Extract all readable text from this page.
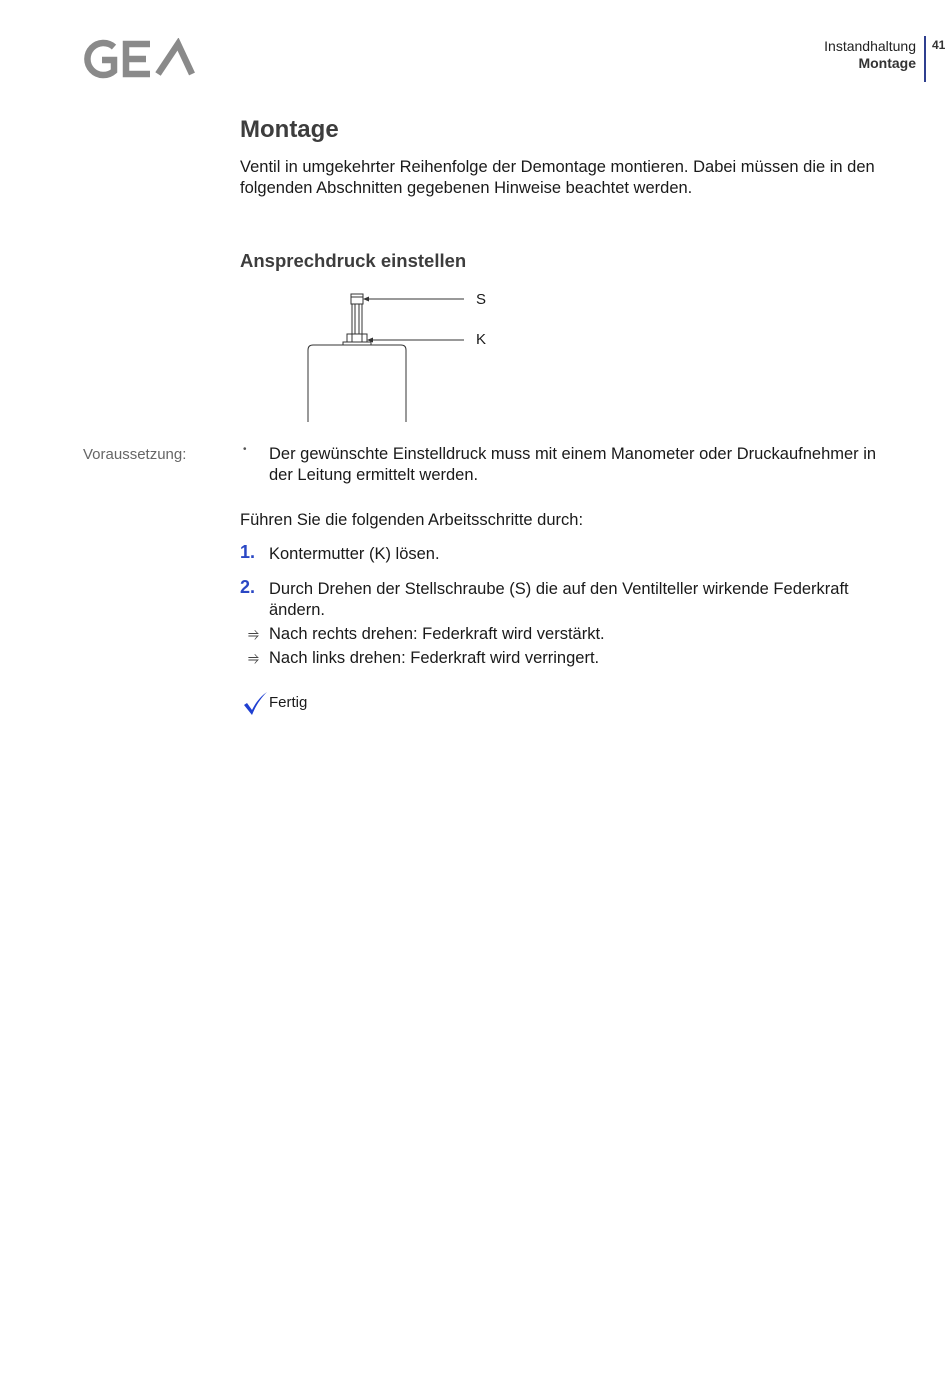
Instandhaltung
Montage
41
Montage

Ventil in umgekehrter Reihenfolge der Demontage montieren. Dabei müssen die in den

folgenden Abschnitten gegebenen Hinweise beachtet werden.

Ansprechdruck einstellen
S
K
Voraussetzung:	• Der gewünschte Einstelldruck muss mit einem Manometer oder Druckaufnehmer in

der Leitung ermittelt werden.

Führen Sie die folgenden Arbeitsschritte durch:

1. Kontermutter (K) lösen.

2. Durch Drehen der Stellschraube (S) die auf den Ventilteller wirkende Federkraft

ändern.

⥤ Nach rechts drehen: Federkraft wird verstärkt.

⥤ Nach links drehen: Federkraft wird verringert.

Fertig
